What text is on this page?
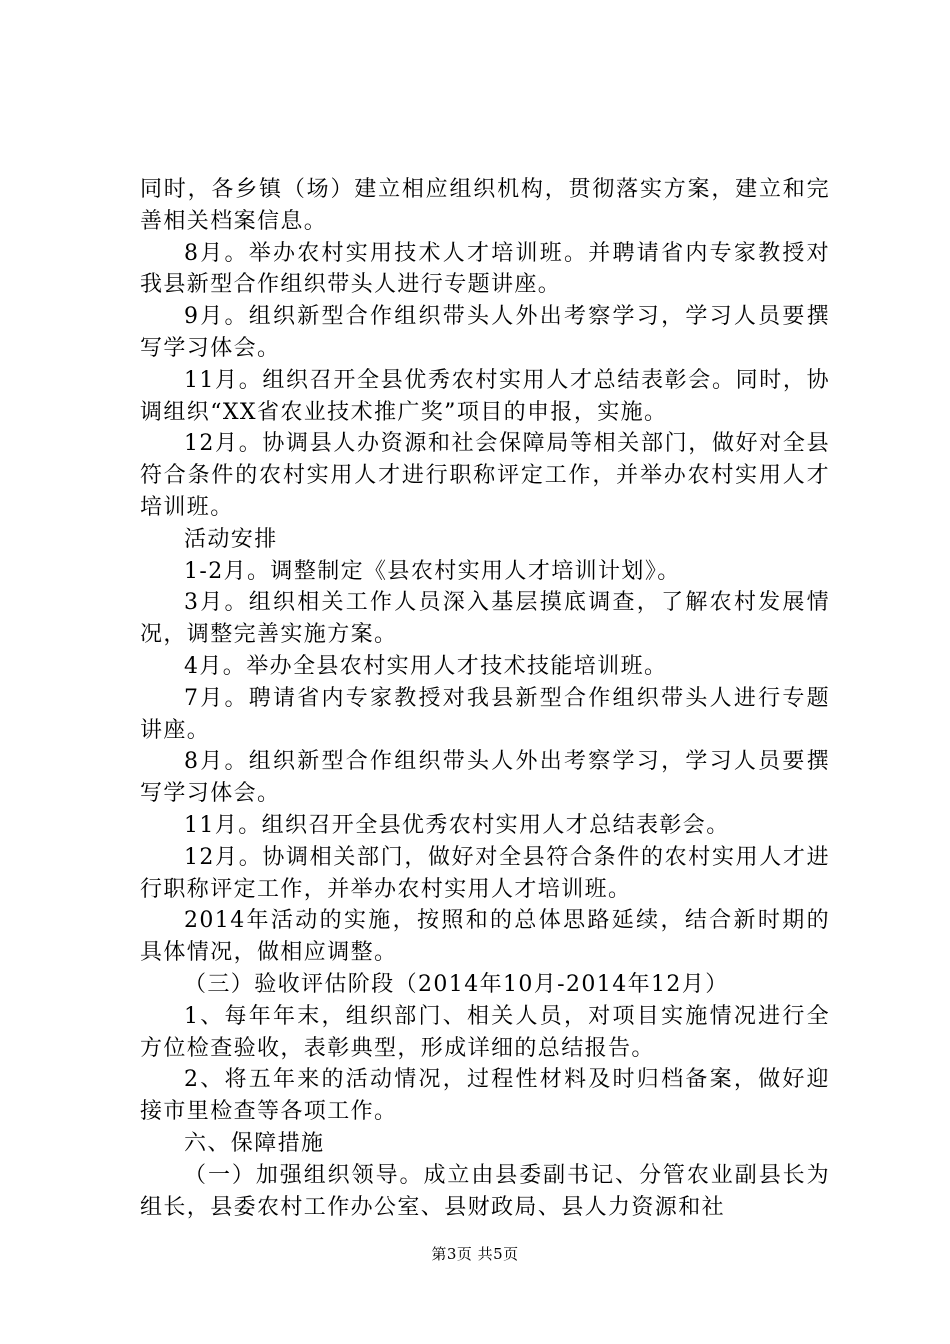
同时，各乡镇（场）建立相应组织机构，贯彻落实方案，建立和完善相关档案信息。

8月。举办农村实用技术人才培训班。并聘请省内专家教授对我县新型合作组织带头人进行专题讲座。

9月。组织新型合作组织带头人外出考察学习，学习人员要撰写学习体会。

11月。组织召开全县优秀农村实用人才总结表彰会。同时，协调组织“XX省农业技术推广奖”项目的申报，实施。

12月。协调县人办资源和社会保障局等相关部门，做好对全县符合条件的农村实用人才进行职称评定工作，并举办农村实用人才培训班。

活动安排

1-2月。调整制定《县农村实用人才培训计划》。

3月。组织相关工作人员深入基层摸底调查，了解农村发展情况，调整完善实施方案。

4月。举办全县农村实用人才技术技能培训班。

7月。聘请省内专家教授对我县新型合作组织带头人进行专题讲座。

8月。组织新型合作组织带头人外出考察学习，学习人员要撰写学习体会。

11月。组织召开全县优秀农村实用人才总结表彰会。

12月。协调相关部门，做好对全县符合条件的农村实用人才进行职称评定工作，并举办农村实用人才培训班。

2014年活动的实施，按照和的总体思路延续，结合新时期的具体情况，做相应调整。

（三）验收评估阶段（2014年10月-2014年12月）

1、每年年末，组织部门、相关人员，对项目实施情况进行全方位检查验收，表彰典型，形成详细的总结报告。

2、将五年来的活动情况，过程性材料及时归档备案，做好迎接市里检查等各项工作。

六、保障措施

（一）加强组织领导。成立由县委副书记、分管农业副县长为组长，县委农村工作办公室、县财政局、县人力资源和社

第3页 共5页
